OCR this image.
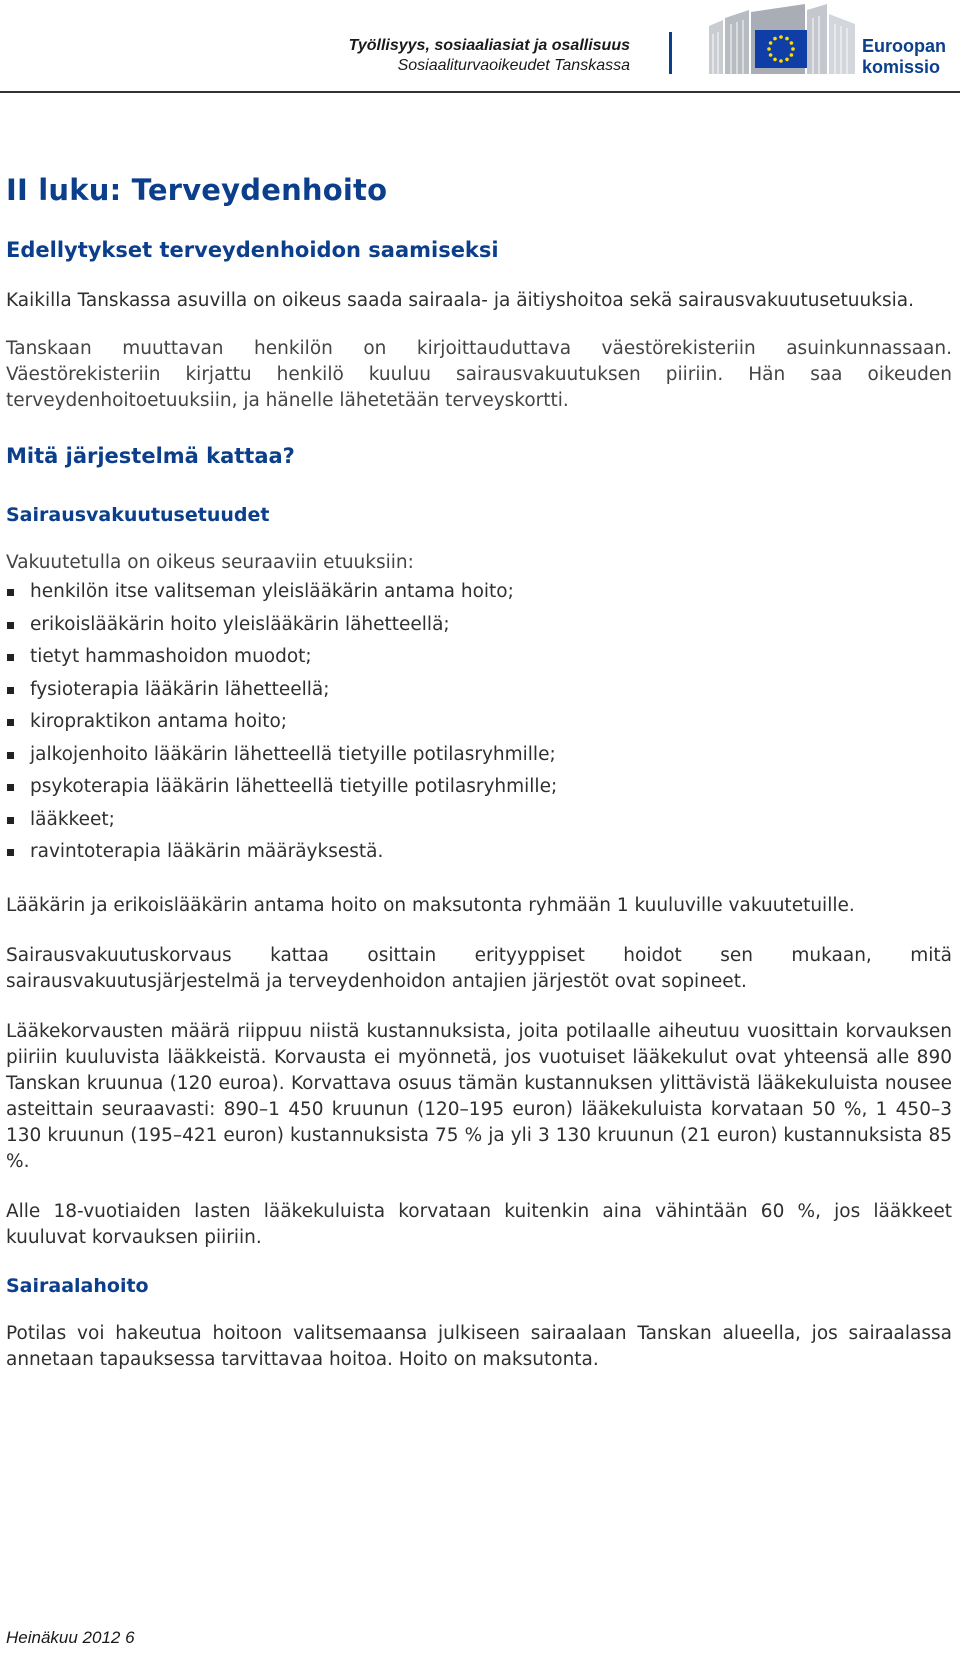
Työllisyys, sosiaaliasiat ja osallisuus
Sosiaaliturvaoikeudet Tanskassa
Euroopan
komissio
II luku: Terveydenhoito
Edellytykset terveydenhoidon saamiseksi

Kaikilla Tanskassa asuvilla on oikeus saada sairaala- ja äitiyshoitoa sekä sairausvakuutusetuuksia.

Tanskaan muuttavan henkilön on kirjoittauduttava väestörekisteriin asuinkunnassaan. Väestörekisteriin kirjattu henkilö kuuluu sairausvakuutuksen piiriin. Hän saa oikeuden terveydenhoitoetuuksiin, ja hänelle lähetetään terveyskortti.

Mitä järjestelmä kattaa?
Sairausvakuutusetuudet

Vakuutetulla on oikeus seuraaviin etuuksiin:

henkilön itse valitseman yleislääkärin antama hoito;
erikoislääkärin hoito yleislääkärin lähetteellä;
tietyt hammashoidon muodot;
fysioterapia lääkärin lähetteellä;
kiropraktikon antama hoito;
jalkojenhoito lääkärin lähetteellä tietyille potilasryhmille;
psykoterapia lääkärin lähetteellä tietyille potilasryhmille;
lääkkeet;
ravintoterapia lääkärin määräyksestä.

Lääkärin ja erikoislääkärin antama hoito on maksutonta ryhmään 1 kuuluville vakuutetuille.

Sairausvakuutuskorvaus kattaa osittain erityyppiset hoidot sen mukaan, mitä sairausvakuutusjärjestelmä ja terveydenhoidon antajien järjestöt ovat sopineet.

Lääkekorvausten määrä riippuu niistä kustannuksista, joita potilaalle aiheutuu vuosittain korvauksen piiriin kuuluvista lääkkeistä. Korvausta ei myönnetä, jos vuotuiset lääkekulut ovat yhteensä alle 890 Tanskan kruunua (120 euroa). Korvattava osuus tämän kustannuksen ylittävistä lääkekuluista nousee asteittain seuraavasti: 890–1 450 kruunun (120–195 euron) lääkekuluista korvataan 50 %, 1 450–3 130 kruunun (195–421 euron) kustannuksista 75 % ja yli 3 130 kruunun (21 euron) kustannuksista 85 %.

Alle 18-vuotiaiden lasten lääkekuluista korvataan kuitenkin aina vähintään 60 %, jos lääkkeet kuuluvat korvauksen piiriin.

Sairaalahoito

Potilas voi hakeutua hoitoon valitsemaansa julkiseen sairaalaan Tanskan alueella, jos sairaalassa annetaan tapauksessa tarvittavaa hoitoa. Hoito on maksutonta.

Heinäkuu 2012 6
